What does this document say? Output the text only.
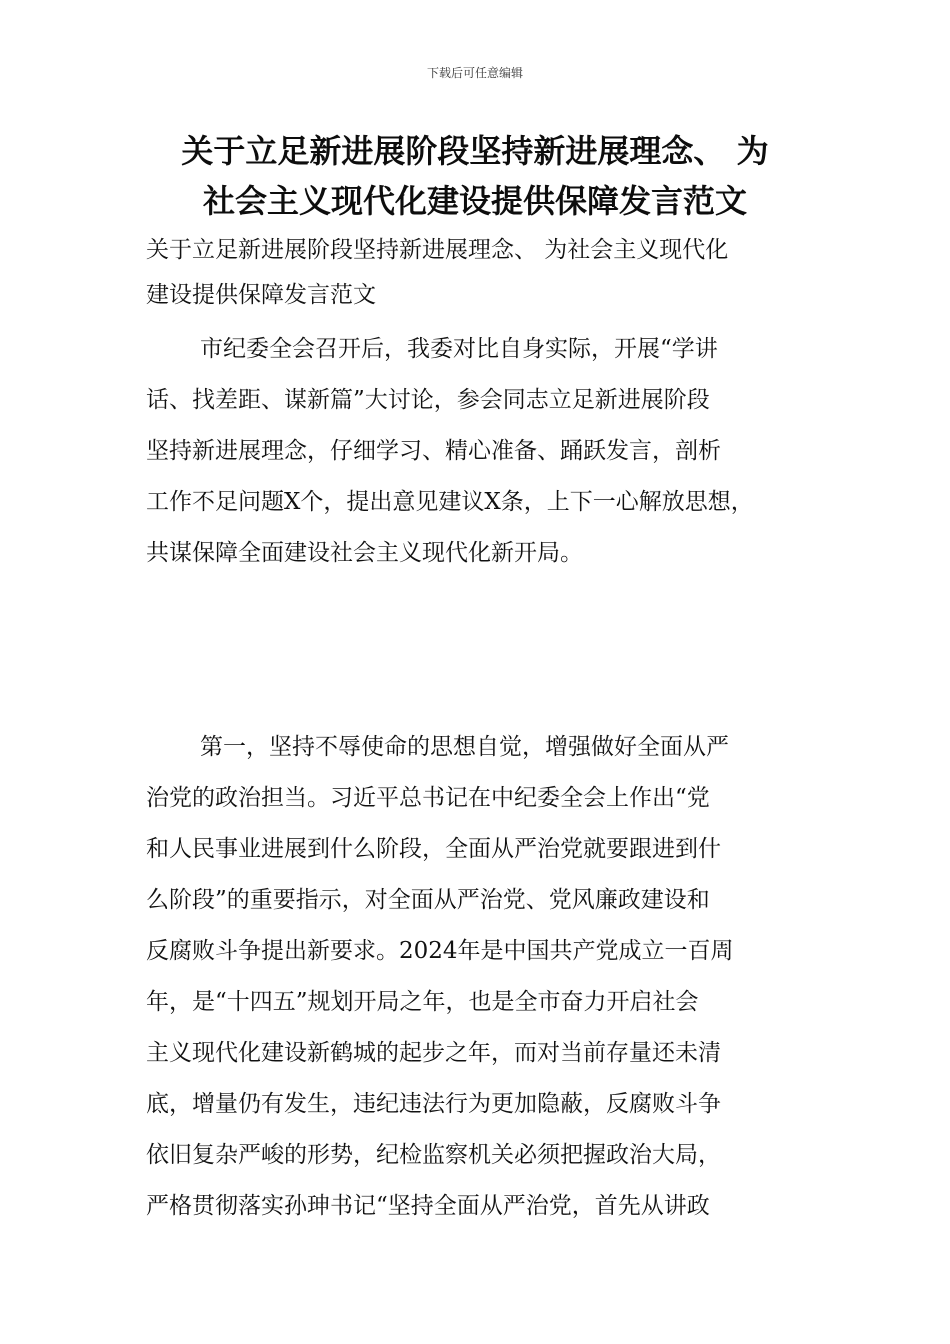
下载后可任意编辑
关于立足新进展阶段坚持新进展理念、 为
社会主义现代化建设提供保障发言范文

关于立足新进展阶段坚持新进展理念、 为社会主义现代化
建设提供保障发言范文

市纪委全会召开后，我委对比自身实际，开展“学讲
话、找差距、谋新篇”大讨论，参会同志立足新进展阶段
坚持新进展理念，仔细学习、精心准备、踊跃发言，剖析
工作不足问题X个，提出意见建议X条，上下一心解放思想，
共谋保障全面建设社会主义现代化新开局。

第一，坚持不辱使命的思想自觉，增强做好全面从严
治党的政治担当。习近平总书记在中纪委全会上作出“党
和人民事业进展到什么阶段，全面从严治党就要跟进到什
么阶段”的重要指示，对全面从严治党、党风廉政建设和
反腐败斗争提出新要求。2024年是中国共产党成立一百周
年，是“十四五”规划开局之年，也是全市奋力开启社会
主义现代化建设新鹤城的起步之年，而对当前存量还未清
底，增量仍有发生，违纪违法行为更加隐蔽，反腐败斗争
依旧复杂严峻的形势，纪检监察机关必须把握政治大局，
严格贯彻落实孙珅书记“坚持全面从严治党，首先从讲政
